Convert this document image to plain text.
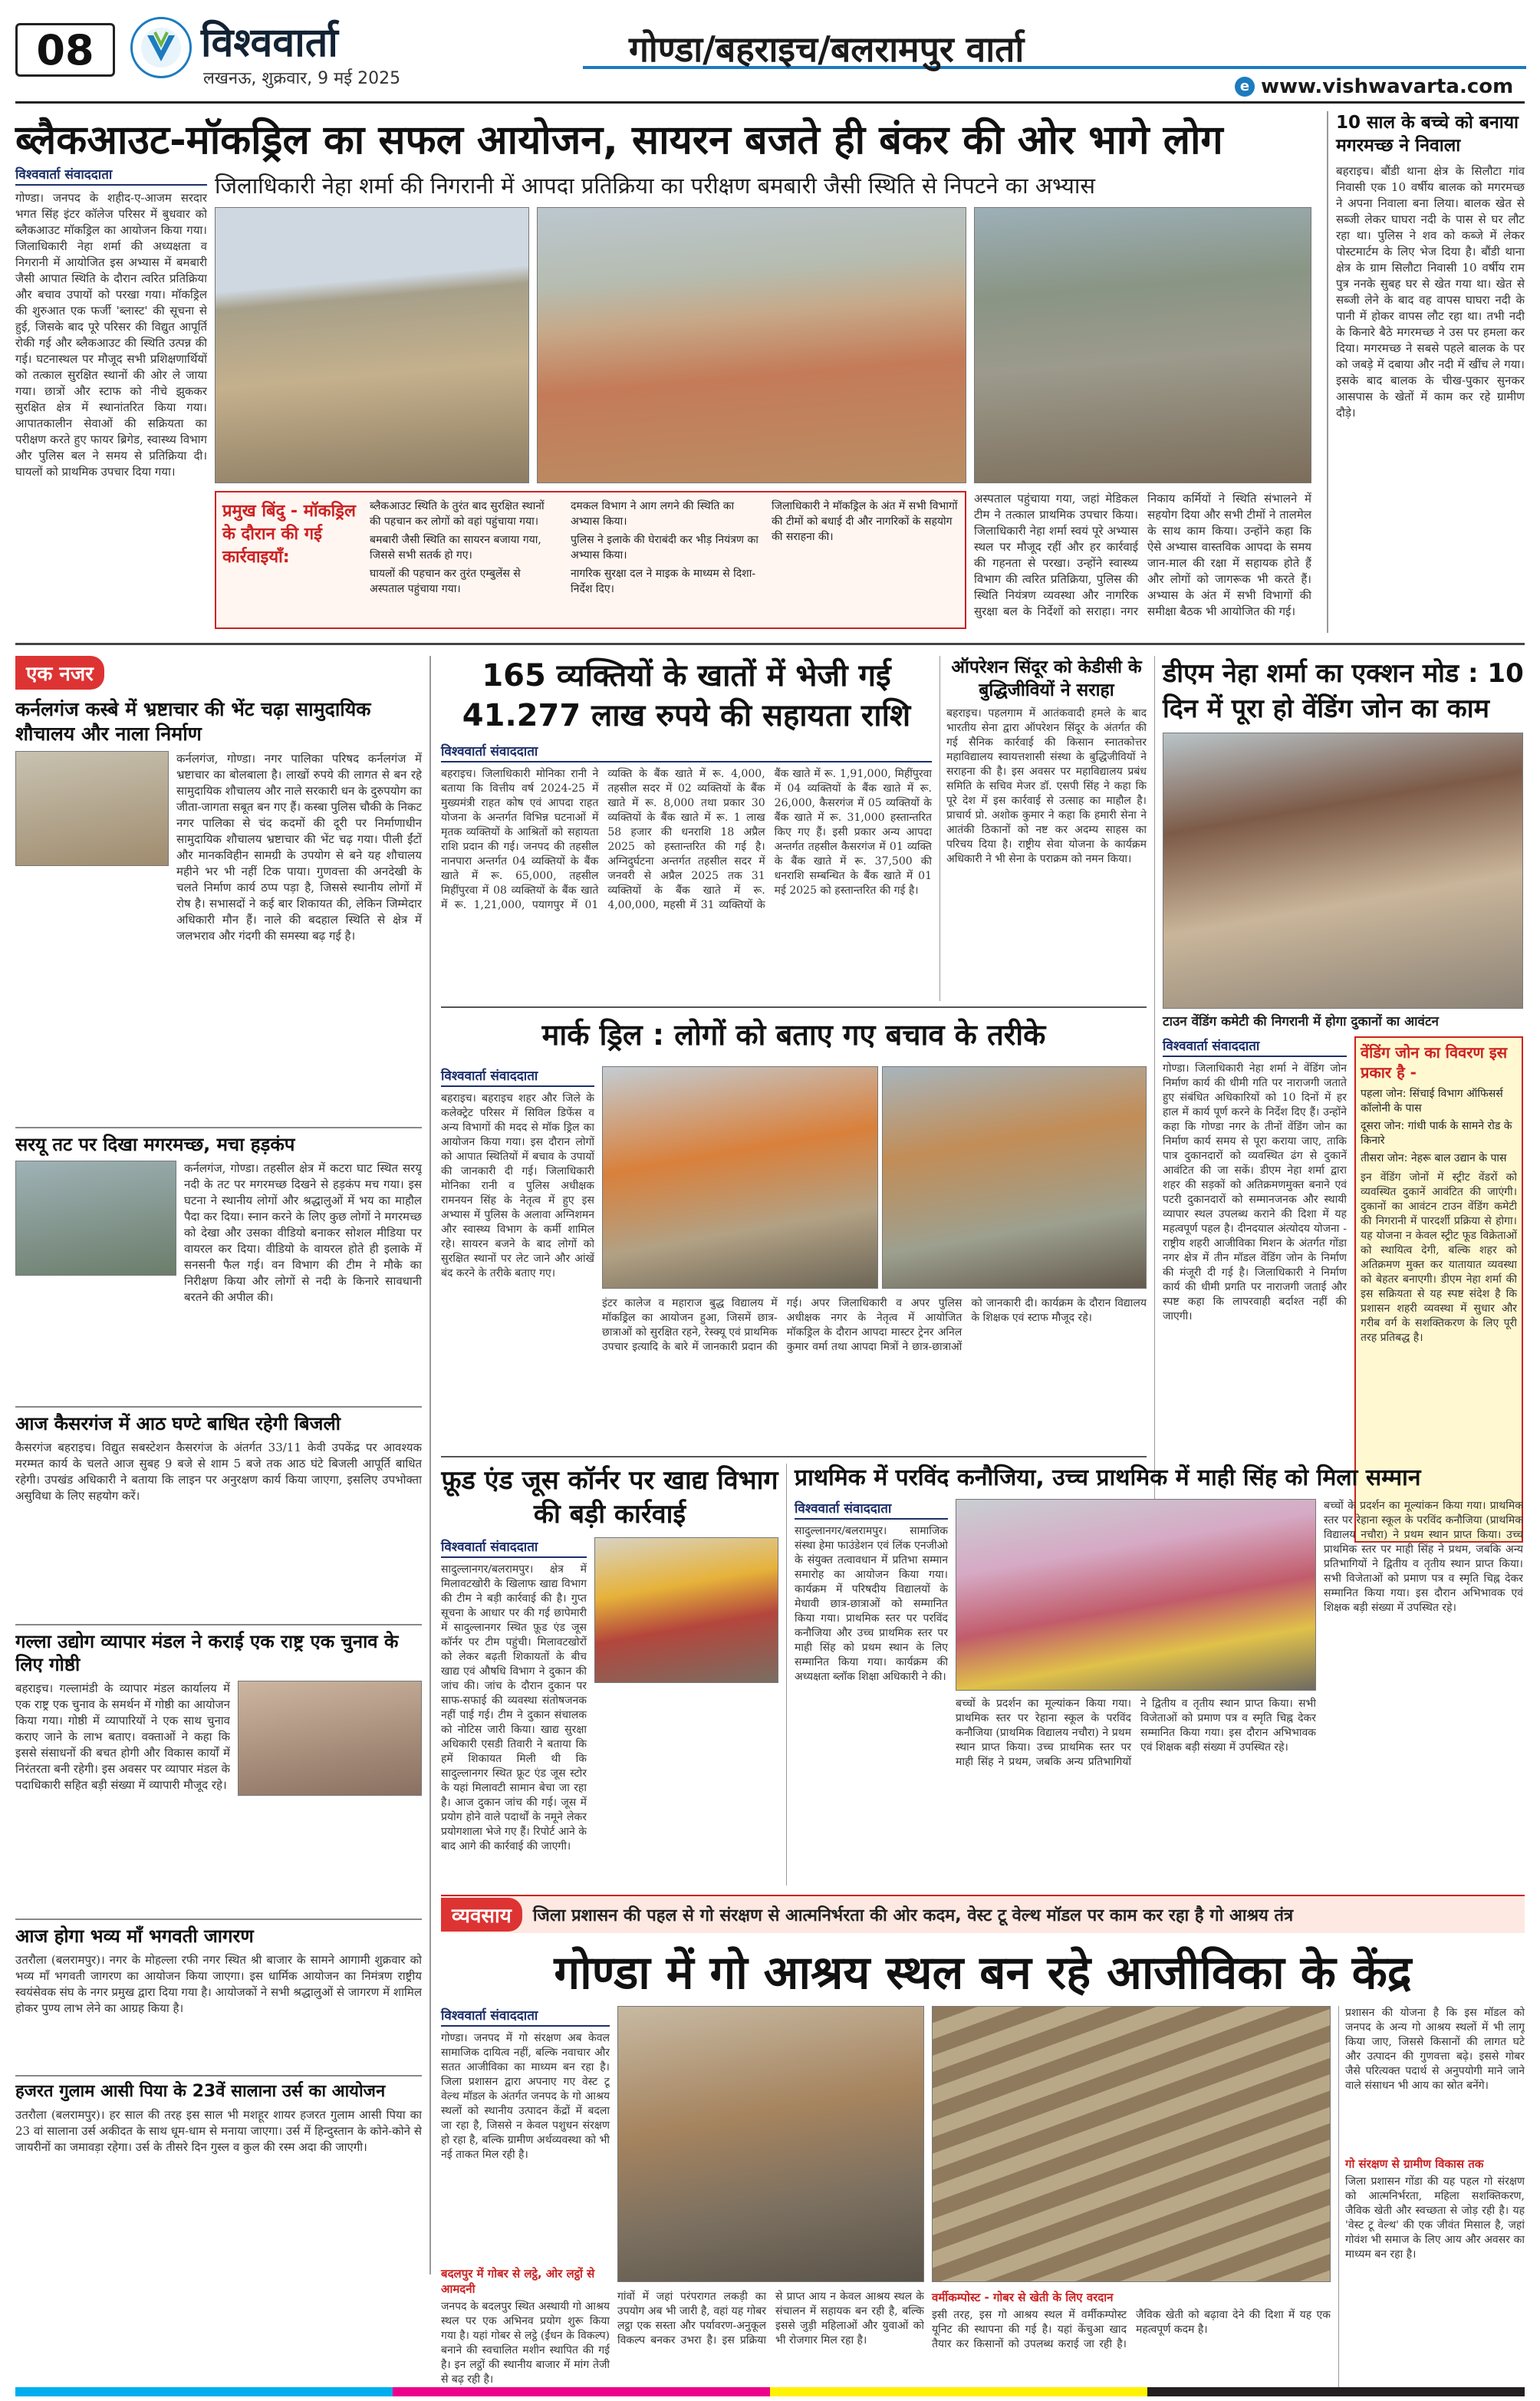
08	विश्ववार्ता
लखनऊ, शुक्रवार, 9 मई 2025
गोण्डा/बहराइच/बलरामपुर वार्ता
e www.vishwavarta.com
ब्लैकआउट-मॉकड्रिल का सफल आयोजन, सायरन बजते ही बंकर की ओर भागे लोग
जिलाधिकारी नेहा शर्मा की निगरानी में आपदा प्रतिक्रिया का परीक्षण बमबारी जैसी स्थिति से निपटने का अभ्यास
विश्ववार्ता संवाददाता
गोण्डा। जनपद के शहीद-ए-आजम सरदार भगत सिंह इंटर कॉलेज परिसर में बुधवार को ब्लैकआउट मॉकड्रिल का आयोजन किया गया। जिलाधिकारी नेहा शर्मा की अध्यक्षता व निगरानी में आयोजित इस अभ्यास में बमबारी जैसी आपात स्थिति के दौरान त्वरित प्रतिक्रिया और बचाव उपायों को परखा गया। मॉकड्रिल की शुरुआत एक फर्जी 'ब्लास्ट' की सूचना से हुई, जिसके बाद पूरे परिसर की विद्युत आपूर्ति रोकी गई और ब्लैकआउट की स्थिति उत्पन्न की गई। घटनास्थल पर मौजूद सभी प्रशिक्षणार्थियों को तत्काल सुरक्षित स्थानों की ओर ले जाया गया। छात्रों और स्टाफ को नीचे झुककर सुरक्षित क्षेत्र में स्थानांतरित किया गया। आपातकालीन सेवाओं की सक्रियता का परीक्षण करते हुए फायर ब्रिगेड, स्वास्थ्य विभाग और पुलिस बल ने समय से प्रतिक्रिया दी। घायलों को प्राथमिक उपचार दिया गया।
प्रमुख बिंदु - मॉकड्रिल के दौरान की गई कार्रवाइयाँ:
ब्लैकआउट स्थिति के तुरंत बाद सुरक्षित स्थानों की पहचान कर लोगों को वहां पहुंचाया गया।
बमबारी जैसी स्थिति का सायरन बजाया गया, जिससे सभी सतर्क हो गए।
घायलों की पहचान कर तुरंत एम्बुलेंस से अस्पताल पहुंचाया गया।
दमकल विभाग ने आग लगने की स्थिति का अभ्यास किया।
पुलिस ने इलाके की घेराबंदी कर भीड़ नियंत्रण का अभ्यास किया।
नागरिक सुरक्षा दल ने माइक के माध्यम से दिशा-निर्देश दिए।
जिलाधिकारी ने मॉकड्रिल के अंत में सभी विभागों की टीमों को बधाई दी और नागरिकों के सहयोग की सराहना की।
अस्पताल पहुंचाया गया, जहां मेडिकल टीम ने तत्काल प्राथमिक उपचार किया। जिलाधिकारी नेहा शर्मा स्वयं पूरे अभ्यास स्थल पर मौजूद रहीं और हर कार्रवाई की गहनता से परखा। उन्होंने स्वास्थ्य विभाग की त्वरित प्रतिक्रिया, पुलिस की स्थिति नियंत्रण व्यवस्था और नागरिक सुरक्षा बल के निर्देशों को सराहा। नगर निकाय कर्मियों ने स्थिति संभालने में सहयोग दिया और सभी टीमों ने तालमेल के साथ काम किया। उन्होंने कहा कि ऐसे अभ्यास वास्तविक आपदा के समय जान-माल की रक्षा में सहायक होते हैं और लोगों को जागरूक भी करते हैं। अभ्यास के अंत में सभी विभागों की समीक्षा बैठक भी आयोजित की गई।
10 साल के बच्चे को बनाया मगरमच्छ ने निवाला
बहराइच। बौंडी थाना क्षेत्र के सिलौटा गांव निवासी एक 10 वर्षीय बालक को मगरमच्छ ने अपना निवाला बना लिया। बालक खेत से सब्जी लेकर घाघरा नदी के पास से घर लौट रहा था। पुलिस ने शव को कब्जे में लेकर पोस्टमार्टम के लिए भेज दिया है। बौंडी थाना क्षेत्र के ग्राम सिलौटा निवासी 10 वर्षीय राम पुत्र ननके सुबह घर से खेत गया था। खेत से सब्जी लेने के बाद वह वापस घाघरा नदी के पानी में होकर वापस लौट रहा था। तभी नदी के किनारे बैठे मगरमच्छ ने उस पर हमला कर दिया। मगरमच्छ ने सबसे पहले बालक के पर को जबड़े में दबाया और नदी में खींच ले गया। इसके बाद बालक के चीख-पुकार सुनकर आसपास के खेतों में काम कर रहे ग्रामीण दौड़े।
एक नजर
कर्नलगंज कस्बे में भ्रष्टाचार की भेंट चढ़ा सामुदायिक शौचालय और नाला निर्माण
कर्नलगंज, गोण्डा। नगर पालिका परिषद कर्नलगंज में भ्रष्टाचार का बोलबाला है। लाखों रुपये की लागत से बन रहे सामुदायिक शौचालय और नाले सरकारी धन के दुरुपयोग का जीता-जागता सबूत बन गए हैं। कस्बा पुलिस चौकी के निकट नगर पालिका से चंद कदमों की दूरी पर निर्माणाधीन सामुदायिक शौचालय भ्रष्टाचार की भेंट चढ़ गया। पीली ईंटों और मानकविहीन सामग्री के उपयोग से बने यह शौचालय महीने भर भी नहीं टिक पाया। गुणवत्ता की अनदेखी के चलते निर्माण कार्य ठप्प पड़ा है, जिससे स्थानीय लोगों में रोष है। सभासदों ने कई बार शिकायत की, लेकिन जिम्मेदार अधिकारी मौन हैं। नाले की बदहाल स्थिति से क्षेत्र में जलभराव और गंदगी की समस्या बढ़ गई है।
सरयू तट पर दिखा मगरमच्छ, मचा हड़कंप
कर्नलगंज, गोण्डा। तहसील क्षेत्र में कटरा घाट स्थित सरयू नदी के तट पर मगरमच्छ दिखने से हड़कंप मच गया। इस घटना ने स्थानीय लोगों और श्रद्धालुओं में भय का माहौल पैदा कर दिया। स्नान करने के लिए कुछ लोगों ने मगरमच्छ को देखा और उसका वीडियो बनाकर सोशल मीडिया पर वायरल कर दिया। वीडियो के वायरल होते ही इलाके में सनसनी फैल गई। वन विभाग की टीम ने मौके का निरीक्षण किया और लोगों से नदी के किनारे सावधानी बरतने की अपील की।
आज कैसरगंज में आठ घण्टे बाधित रहेगी बिजली
कैसरगंज बहराइच। विद्युत सबस्टेशन कैसरगंज के अंतर्गत 33/11 केवी उपकेंद्र पर आवश्यक मरम्मत कार्य के चलते आज सुबह 9 बजे से शाम 5 बजे तक आठ घंटे बिजली आपूर्ति बाधित रहेगी। उपखंड अधिकारी ने बताया कि लाइन पर अनुरक्षण कार्य किया जाएगा, इसलिए उपभोक्ता असुविधा के लिए सहयोग करें।
गल्ला उद्योग व्यापार मंडल ने कराई एक राष्ट्र एक चुनाव के लिए गोष्ठी
बहराइच। गल्लामंडी के व्यापार मंडल कार्यालय में एक राष्ट्र एक चुनाव के समर्थन में गोष्ठी का आयोजन किया गया। गोष्ठी में व्यापारियों ने एक साथ चुनाव कराए जाने के लाभ बताए। वक्ताओं ने कहा कि इससे संसाधनों की बचत होगी और विकास कार्यों में निरंतरता बनी रहेगी। इस अवसर पर व्यापार मंडल के पदाधिकारी सहित बड़ी संख्या में व्यापारी मौजूद रहे।
आज होगा भव्य माँ भगवती जागरण
उतरौला (बलरामपुर)। नगर के मोहल्ला रफी नगर स्थित श्री बाजार के सामने आगामी शुक्रवार को भव्य माँ भगवती जागरण का आयोजन किया जाएगा। इस धार्मिक आयोजन का निमंत्रण राष्ट्रीय स्वयंसेवक संघ के नगर प्रमुख द्वारा दिया गया है। आयोजकों ने सभी श्रद्धालुओं से जागरण में शामिल होकर पुण्य लाभ लेने का आग्रह किया है।
हजरत गुलाम आसी पिया के 23वें सालाना उर्स का आयोजन
उतरौला (बलरामपुर)। हर साल की तरह इस साल भी मशहूर शायर हजरत गुलाम आसी पिया का 23 वां सालाना उर्स अकीदत के साथ धूम-धाम से मनाया जाएगा। उर्स में हिन्दुस्तान के कोने-कोने से जायरीनों का जमावड़ा रहेगा। उर्स के तीसरे दिन गुस्ल व कुल की रस्म अदा की जाएगी।
165 व्यक्तियों के खातों में भेजी गई
41.277 लाख रुपये की सहायता राशि
विश्ववार्ता संवाददाता
बहराइच। जिलाधिकारी मोनिका रानी ने बताया कि वित्तीय वर्ष 2024-25 में मुख्यमंत्री राहत कोष एवं आपदा राहत योजना के अन्तर्गत विभिन्न घटनाओं में मृतक व्यक्तियों के आश्रितों को सहायता राशि प्रदान की गई। जनपद की तहसील नानपारा अन्तर्गत 04 व्यक्तियों के बैंक खाते में रू. 65,000, तहसील मिहींपुरवा में 08 व्यक्तियों के बैंक खाते में रू. 1,21,000, पयागपुर में 01 व्यक्ति के बैंक खाते में रू. 4,000, तहसील सदर में 02 व्यक्तियों के बैंक खाते में रू. 8,000 तथा प्रकार 30 व्यक्तियों के बैंक खाते में रू. 1 लाख 58 हजार की धनराशि 18 अप्रैल 2025 को हस्तान्तरित की गई है। अग्निदुर्घटना अन्तर्गत तहसील सदर में जनवरी से अप्रैल 2025 तक 31 व्यक्तियों के बैंक खाते में रू. 4,00,000, महसी में 31 व्यक्तियों के बैंक खाते में रू. 1,91,000, मिहींपुरवा में 04 व्यक्तियों के बैंक खाते में रू. 26,000, कैसरगंज में 05 व्यक्तियों के बैंक खाते में रू. 31,000 हस्तान्तरित किए गए हैं। इसी प्रकार अन्य आपदा अन्तर्गत तहसील कैसरगंज में 01 व्यक्ति के बैंक खाते में रू. 37,500 की धनराशि सम्बन्धित के बैंक खाते में 01 मई 2025 को हस्तान्तरित की गई है।
ऑपरेशन सिंदूर को केडीसी के बुद्धिजीवियों ने सराहा
बहराइच। पहलगाम में आतंकवादी हमले के बाद भारतीय सेना द्वारा ऑपरेशन सिंदूर के अंतर्गत की गई सैनिक कार्रवाई की किसान स्नातकोत्तर महाविद्यालय स्वायत्तशासी संस्था के बुद्धिजीवियों ने सराहना की है। इस अवसर पर महाविद्यालय प्रबंध समिति के सचिव मेजर डॉ. एसपी सिंह ने कहा कि पूरे देश में इस कार्रवाई से उत्साह का माहौल है। प्राचार्य प्रो. अशोक कुमार ने कहा कि हमारी सेना ने आतंकी ठिकानों को नष्ट कर अदम्य साहस का परिचय दिया है। राष्ट्रीय सेवा योजना के कार्यक्रम अधिकारी ने भी सेना के पराक्रम को नमन किया।
डीएम नेहा शर्मा का एक्शन मोड : 10
दिन में पूरा हो वेंडिंग जोन का काम
टाउन वेंडिंग कमेटी की निगरानी में होगा दुकानों का आवंटन
विश्ववार्ता संवाददाता
गोण्डा। जिलाधिकारी नेहा शर्मा ने वेंडिंग जोन निर्माण कार्य की धीमी गति पर नाराजगी जताते हुए संबंधित अधिकारियों को 10 दिनों में हर हाल में कार्य पूर्ण करने के निर्देश दिए हैं। उन्होंने कहा कि गोण्डा नगर के तीनों वेंडिंग जोन का निर्माण कार्य समय से पूरा कराया जाए, ताकि पात्र दुकानदारों को व्यवस्थित ढंग से दुकानें आवंटित की जा सकें। डीएम नेहा शर्मा द्वारा शहर की सड़कों को अतिक्रमणमुक्त बनाने एवं पटरी दुकानदारों को सम्मानजनक और स्थायी व्यापार स्थल उपलब्ध कराने की दिशा में यह महत्वपूर्ण पहल है। दीनदयाल अंत्योदय योजना - राष्ट्रीय शहरी आजीविका मिशन के अंतर्गत गोंडा नगर क्षेत्र में तीन मॉडल वेंडिंग जोन के निर्माण की मंजूरी दी गई है। जिलाधिकारी ने निर्माण कार्य की धीमी प्रगति पर नाराजगी जताई और स्पष्ट कहा कि लापरवाही बर्दाश्त नहीं की जाएगी।
वेंडिंग जोन का विवरण इस प्रकार है -
पहला जोन: सिंचाई विभाग ऑफिसर्स कॉलोनी के पास
दूसरा जोन: गांधी पार्क के सामने रोड के किनारे
तीसरा जोन: नेहरू बाल उद्यान के पास
इन वेंडिंग जोनों में स्ट्रीट वेंडरों को व्यवस्थित दुकानें आवंटित की जाएंगी। दुकानों का आवंटन टाउन वेंडिंग कमेटी की निगरानी में पारदर्शी प्रक्रिया से होगा। यह योजना न केवल स्ट्रीट फूड विक्रेताओं को स्थायित्व देगी, बल्कि शहर को अतिक्रमण मुक्त कर यातायात व्यवस्था को बेहतर बनाएगी। डीएम नेहा शर्मा की इस सक्रियता से यह स्पष्ट संदेश है कि प्रशासन शहरी व्यवस्था में सुधार और गरीब वर्ग के सशक्तिकरण के लिए पूरी तरह प्रतिबद्ध है।
मार्क ड्रिल : लोगों को बताए गए बचाव के तरीके
विश्ववार्ता संवाददाता
बहराइच। बहराइच शहर और जिले के कलेक्ट्रेट परिसर में सिविल डिफेंस व अन्य विभागों की मदद से मॉक ड्रिल का आयोजन किया गया। इस दौरान लोगों को आपात स्थितियों में बचाव के उपायों की जानकारी दी गई। जिलाधिकारी मोनिका रानी व पुलिस अधीक्षक रामनयन सिंह के नेतृत्व में हुए इस अभ्यास में पुलिस के अलावा अग्निशमन और स्वास्थ्य विभाग के कर्मी शामिल रहे। सायरन बजने के बाद लोगों को सुरक्षित स्थानों पर लेट जाने और आंखें बंद करने के तरीके बताए गए।
इंटर कालेज व महाराज बुद्ध विद्यालय में मॉकड्रिल का आयोजन हुआ, जिसमें छात्र-छात्राओं को सुरक्षित रहने, रेस्क्यू एवं प्राथमिक उपचार इत्यादि के बारे में जानकारी प्रदान की गई। अपर जिलाधिकारी व अपर पुलिस अधीक्षक नगर के नेतृत्व में आयोजित मॉकड्रिल के दौरान आपदा मास्टर ट्रेनर अनिल कुमार वर्मा तथा आपदा मित्रों ने छात्र-छात्राओं को जानकारी दी। कार्यक्रम के दौरान विद्यालय के शिक्षक एवं स्टाफ मौजूद रहे।
फ़ूड एंड जूस कॉर्नर पर खाद्य विभाग की बड़ी कार्रवाई
विश्ववार्ता संवाददाता
सादुल्लानगर/बलरामपुर। क्षेत्र में मिलावटखोरी के खिलाफ खाद्य विभाग की टीम ने बड़ी कार्रवाई की है। गुप्त सूचना के आधार पर की गई छापेमारी में सादुल्लानगर स्थित फ़ूड एंड जूस कॉर्नर पर टीम पहुंची। मिलावटखोरों को लेकर बढ़ती शिकायतों के बीच खाद्य एवं औषधि विभाग ने दुकान की जांच की। जांच के दौरान दुकान पर साफ-सफाई की व्यवस्था संतोषजनक नहीं पाई गई। टीम ने दुकान संचालक को नोटिस जारी किया। खाद्य सुरक्षा अधिकारी एसडी तिवारी ने बताया कि हमें शिकायत मिली थी कि सादुल्लानगर स्थित फ्रूट एंड जूस स्टोर के यहां मिलावटी सामान बेचा जा रहा है। आज दुकान जांच की गई। जूस में प्रयोग होने वाले पदार्थों के नमूने लेकर प्रयोगशाला भेजे गए हैं। रिपोर्ट आने के बाद आगे की कार्रवाई की जाएगी।
प्राथमिक में परविंद कनौजिया, उच्च प्राथमिक में माही सिंह को मिला सम्मान
विश्ववार्ता संवाददाता
सादुल्लानगर/बलरामपुर। सामाजिक संस्था हेमा फाउंडेशन एवं लिंक एनजीओ के संयुक्त तत्वावधान में प्रतिभा सम्मान समारोह का आयोजन किया गया। कार्यक्रम में परिषदीय विद्यालयों के मेधावी छात्र-छात्राओं को सम्मानित किया गया। प्राथमिक स्तर पर परविंद कनौजिया और उच्च प्राथमिक स्तर पर माही सिंह को प्रथम स्थान के लिए सम्मानित किया गया। कार्यक्रम की अध्यक्षता ब्लॉक शिक्षा अधिकारी ने की।
बच्चों के प्रदर्शन का मूल्यांकन किया गया। प्राथमिक स्तर पर रेहाना स्कूल के परविंद कनौजिया (प्राथमिक विद्यालय नचौरा) ने प्रथम स्थान प्राप्त किया। उच्च प्राथमिक स्तर पर माही सिंह ने प्रथम, जबकि अन्य प्रतिभागियों ने द्वितीय व तृतीय स्थान प्राप्त किया। सभी विजेताओं को प्रमाण पत्र व स्मृति चिह्न देकर सम्मानित किया गया। इस दौरान अभिभावक एवं शिक्षक बड़ी संख्या में उपस्थित रहे।
बच्चों के प्रदर्शन का मूल्यांकन किया गया। प्राथमिक स्तर पर रेहाना स्कूल के परविंद कनौजिया (प्राथमिक विद्यालय नचौरा) ने प्रथम स्थान प्राप्त किया। उच्च प्राथमिक स्तर पर माही सिंह ने प्रथम, जबकि अन्य प्रतिभागियों ने द्वितीय व तृतीय स्थान प्राप्त किया। सभी विजेताओं को प्रमाण पत्र व स्मृति चिह्न देकर सम्मानित किया गया। इस दौरान अभिभावक एवं शिक्षक बड़ी संख्या में उपस्थित रहे।
व्यवसाय	जिला प्रशासन की पहल से गो संरक्षण से आत्मनिर्भरता की ओर कदम, वेस्ट टू वेल्थ मॉडल पर काम कर रहा है गो आश्रय तंत्र
गोण्डा में गो आश्रय स्थल बन रहे आजीविका के केंद्र
विश्ववार्ता संवाददाता
गोण्डा। जनपद में गो संरक्षण अब केवल सामाजिक दायित्व नहीं, बल्कि नवाचार और सतत आजीविका का माध्यम बन रहा है। जिला प्रशासन द्वारा अपनाए गए वेस्ट टू वेल्थ मॉडल के अंतर्गत जनपद के गो आश्रय स्थलों को स्थानीय उत्पादन केंद्रों में बदला जा रहा है, जिससे न केवल पशुधन संरक्षण हो रहा है, बल्कि ग्रामीण अर्थव्यवस्था को भी नई ताकत मिल रही है।
बदलपुर में गोबर से लट्ठे, ओर लट्ठों से आमदनी
जनपद के बदलपुर स्थित अस्थायी गो आश्रय स्थल पर एक अभिनव प्रयोग शुरू किया गया है। यहां गोबर से लट्ठे (ईंधन के विकल्प) बनाने की स्वचालित मशीन स्थापित की गई है। इन लट्ठों की स्थानीय बाजार में मांग तेजी से बढ़ रही है।
गांवों में जहां परंपरागत लकड़ी का उपयोग अब भी जारी है, वहां यह गोबर लट्ठा एक सस्ता और पर्यावरण-अनुकूल विकल्प बनकर उभरा है। इस प्रक्रिया से प्राप्त आय न केवल आश्रय स्थल के संचालन में सहायक बन रही है, बल्कि इससे जुड़ी महिलाओं और युवाओं को भी रोजगार मिल रहा है।
वर्मीकम्पोस्ट - गोबर से खेती के लिए वरदान
इसी तरह, इस गो आश्रय स्थल में वर्मीकम्पोस्ट यूनिट की स्थापना की गई है। यहां केंचुआ खाद तैयार कर किसानों को उपलब्ध कराई जा रही है। जैविक खेती को बढ़ावा देने की दिशा में यह एक महत्वपूर्ण कदम है।
प्रशासन की योजना है कि इस मॉडल को जनपद के अन्य गो आश्रय स्थलों में भी लागू किया जाए, जिससे किसानों की लागत घटे और उत्पादन की गुणवत्ता बढ़े। इससे गोबर जैसे परित्यक्त पदार्थ से अनुपयोगी माने जाने वाले संसाधन भी आय का स्रोत बनेंगे।
गो संरक्षण से ग्रामीण विकास तक
जिला प्रशासन गोंडा की यह पहल गो संरक्षण को आत्मनिर्भरता, महिला सशक्तिकरण, जैविक खेती और स्वच्छता से जोड़ रही है। यह 'वेस्ट टू वेल्थ' की एक जीवंत मिसाल है, जहां गोवंश भी समाज के लिए आय और अवसर का माध्यम बन रहा है।
